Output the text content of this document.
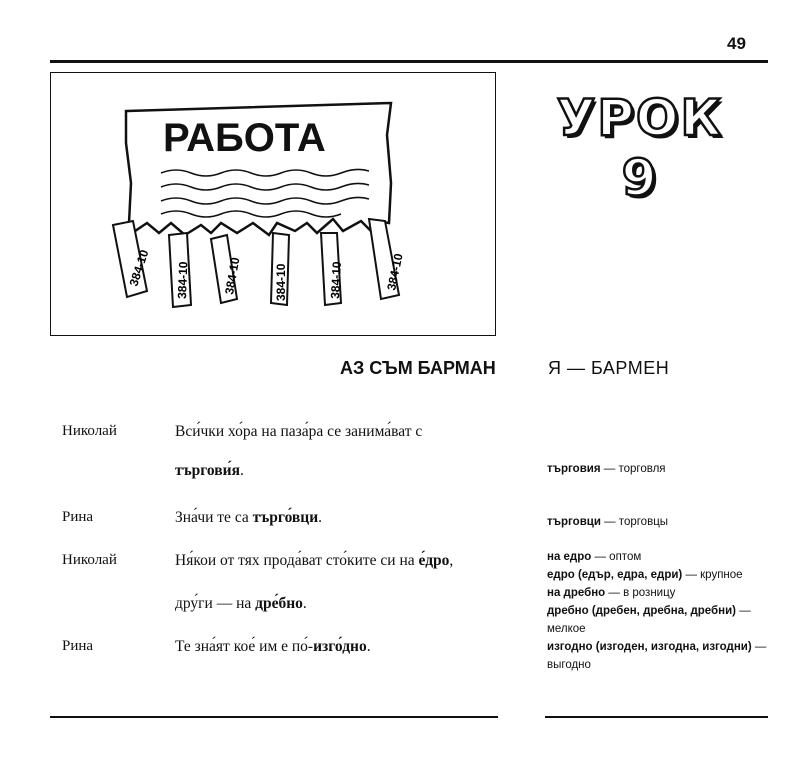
49
РАБОТА
384-10 384-10	384-10	384-10	384-10	384-10
УРОК
9
АЗ СЪМ БАРМАН	Я — БАРМЕН
Николай	Вси́чки хо́ра на паза́ра се занима́ват с
търгови́я.
Рина	Зна́чи те са търго́вци.
Николай	Ня́кои от тях прода́ват сто́ките си на е́дро,
дру́ги — на дре́бно.
Рина	Те зна́ят кое́ им е по́-изго́дно.
търговия — торговля
търговци — торговцы
на едро — оптом
едро (едър, едра, едри) — крупное
на дребно — в розницу
дребно (дребен, дребна, дребни) —
мелкое
изгодно (изгоден, изгодна, изгодни) —
выгодно
